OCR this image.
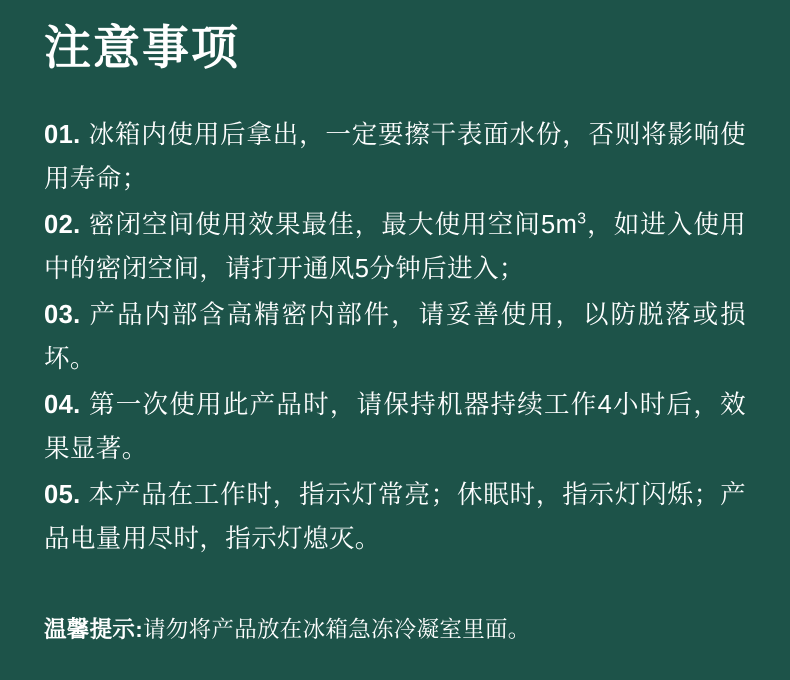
注意事项
01. 冰箱内使用后拿出，一定要擦干表面水份，否则将影响使用寿命；
02. 密闭空间使用效果最佳，最大使用空间$5m^3$，如进入使用中的密闭空间，请打开通风5分钟后进入；
03. 产品内部含高精密内部件，请妥善使用，以防脱落或损坏。
04. 第一次使用此产品时，请保持机器持续工作4小时后，效果显著。
05. 本产品在工作时，指示灯常亮；休眠时，指示灯闪烁；产品电量用尽时，指示灯熄灭。
温馨提示:请勿将产品放在冰箱急冻冷凝室里面。
